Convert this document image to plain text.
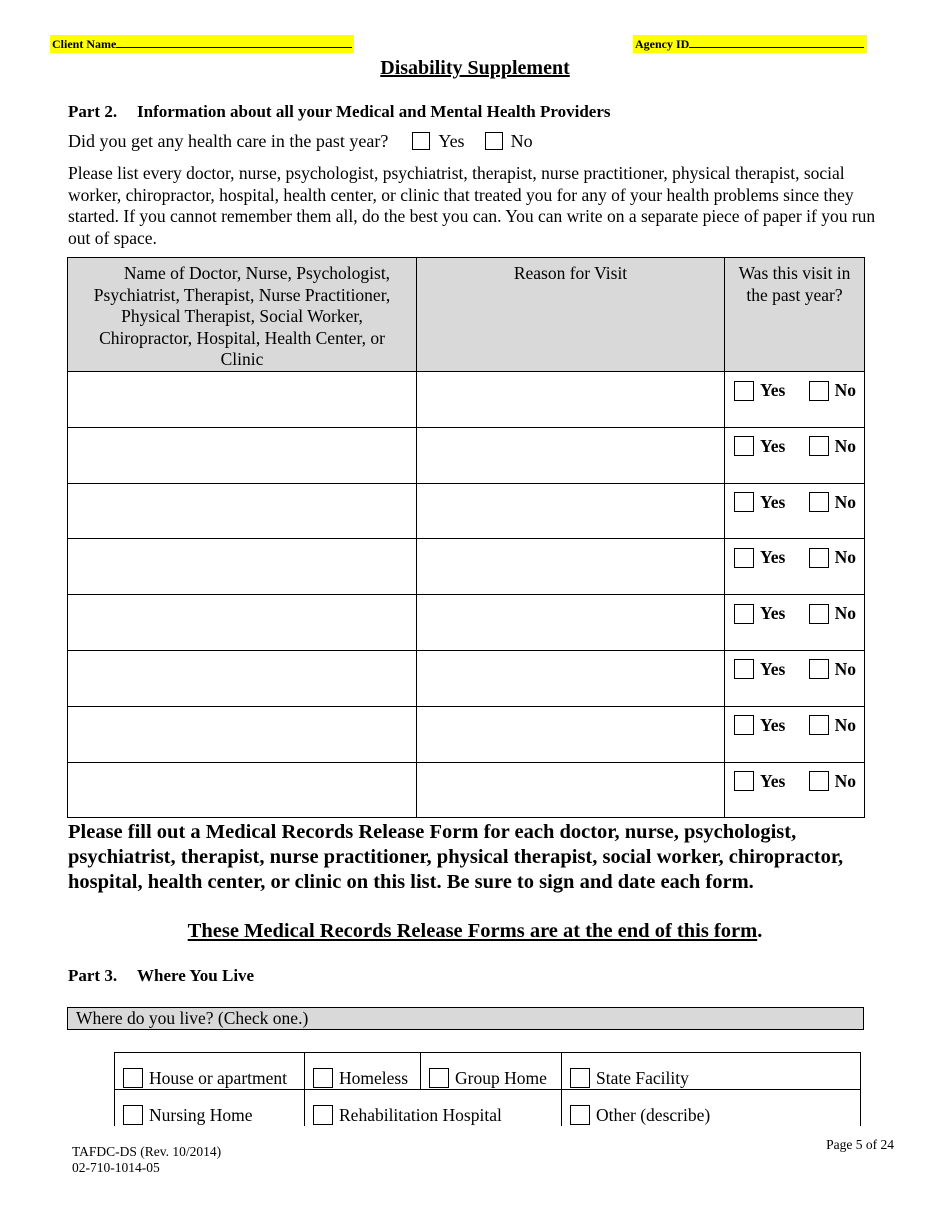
Client Name	Agency ID
Disability Supplement
Part 2. Information about all your Medical and Mental Health Providers
Did you get any health care in the past year?	Yes	No
Please list every doctor, nurse, psychologist, psychiatrist, therapist, nurse practitioner, physical therapist, social worker, chiropractor, hospital, health center, or clinic that treated you for any of your health problems since they started. If you cannot remember them all, do the best you can. You can write on a separate piece of paper if you run out of space.
Name of Doctor, Nurse, Psychologist, Psychiatrist, Therapist, Nurse Practitioner, Physical Therapist, Social Worker, Chiropractor, Hospital, Health Center, or Clinic	Reason for Visit	Was this visit in the past year?

		Yes No

		Yes No

		Yes No

		Yes No

		Yes No

		Yes No

		Yes No

		Yes No
Please fill out a Medical Records Release Form for each doctor, nurse, psychologist, psychiatrist, therapist, nurse practitioner, physical therapist, social worker, chiropractor, hospital, health center, or clinic on this list. Be sure to sign and date each form.
These Medical Records Release Forms are at the end of this form.
Part 3. Where You Live
Where do you live? (Check one.)
House or apartment	Homeless	Group Home	State Facility
Nursing Home	Rehabilitation Hospital		Other (describe)
TAFDC-DS (Rev. 10/2014)
02-710-1014-05
Page 5 of 24
